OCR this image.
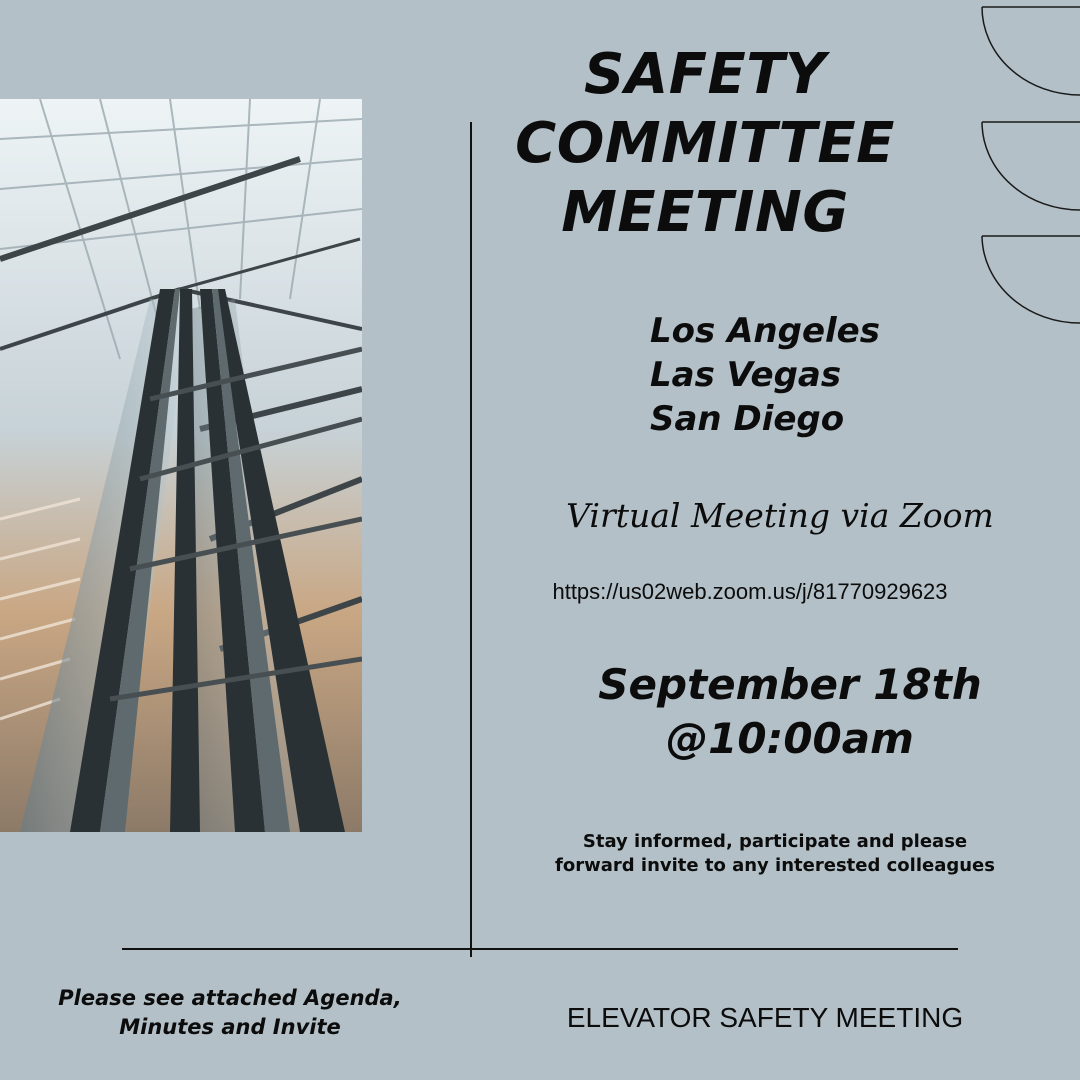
SAFETY
COMMITTEE
MEETING
Los Angeles
Las Vegas
San Diego
Virtual Meeting via Zoom
https://us02web.zoom.us/j/81770929623
September 18th
@10:00am
Stay informed, participate and please
forward invite to any interested colleagues
Please see attached Agenda,
Minutes and Invite	ELEVATOR SAFETY MEETING
